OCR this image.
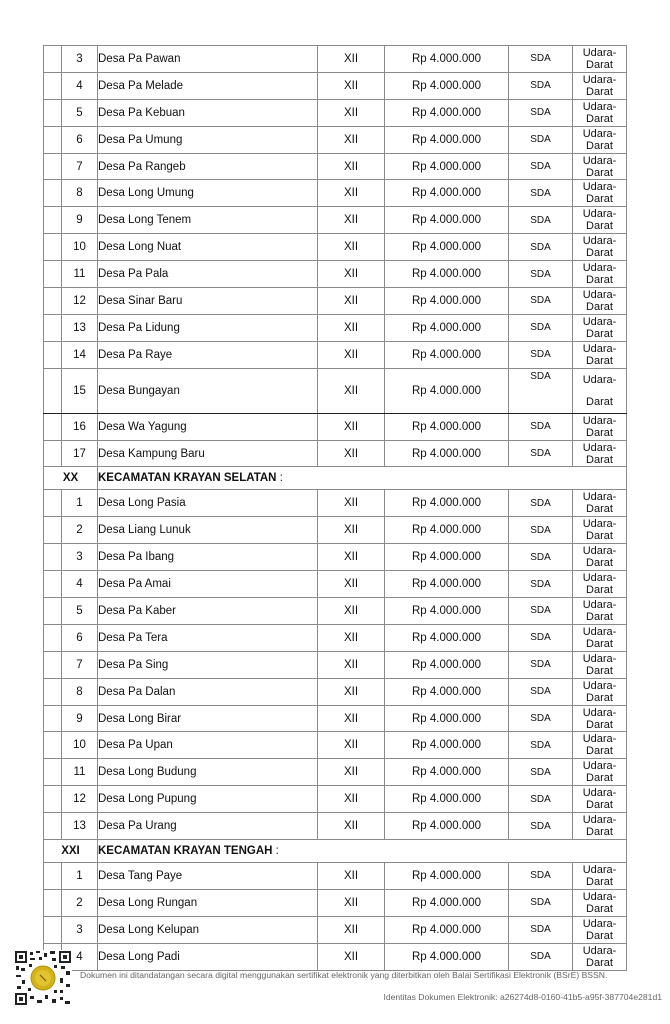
	3	Desa Pa Pawan	XII	Rp 4.000.000	SDA	Udara-
Darat
	4	Desa Pa Melade	XII	Rp 4.000.000	SDA	Udara-
Darat
	5	Desa Pa Kebuan	XII	Rp 4.000.000	SDA	Udara-
Darat
	6	Desa Pa Umung	XII	Rp 4.000.000	SDA	Udara-
Darat
	7	Desa Pa Rangeb	XII	Rp 4.000.000	SDA	Udara-
Darat
	8	Desa Long Umung	XII	Rp 4.000.000	SDA	Udara-
Darat
	9	Desa Long Tenem	XII	Rp 4.000.000	SDA	Udara-
Darat
	10	Desa Long Nuat	XII	Rp 4.000.000	SDA	Udara-
Darat
	11	Desa Pa Pala	XII	Rp 4.000.000	SDA	Udara-
Darat
	12	Desa Sinar Baru	XII	Rp 4.000.000	SDA	Udara-
Darat
	13	Desa Pa Lidung	XII	Rp 4.000.000	SDA	Udara-
Darat
	14	Desa Pa Raye	XII	Rp 4.000.000	SDA	Udara-
Darat
	15	Desa Bungayan	XII	Rp 4.000.000	SDA	Udara-
Darat
	16	Desa Wa Yagung	XII	Rp 4.000.000	SDA	Udara-
Darat
	17	Desa Kampung Baru	XII	Rp 4.000.000	SDA	Udara-
Darat
XX		KECAMATAN KRAYAN SELATAN :				
	1	Desa Long Pasia	XII	Rp 4.000.000	SDA	Udara-
Darat
	2	Desa Liang Lunuk	XII	Rp 4.000.000	SDA	Udara-
Darat
	3	Desa Pa Ibang	XII	Rp 4.000.000	SDA	Udara-
Darat
	4	Desa Pa Amai	XII	Rp 4.000.000	SDA	Udara-
Darat
	5	Desa Pa Kaber	XII	Rp 4.000.000	SDA	Udara-
Darat
	6	Desa Pa Tera	XII	Rp 4.000.000	SDA	Udara-
Darat
	7	Desa Pa Sing	XII	Rp 4.000.000	SDA	Udara-
Darat
	8	Desa Pa Dalan	XII	Rp 4.000.000	SDA	Udara-
Darat
	9	Desa Long Birar	XII	Rp 4.000.000	SDA	Udara-
Darat
	10	Desa Pa Upan	XII	Rp 4.000.000	SDA	Udara-
Darat
	11	Desa Long Budung	XII	Rp 4.000.000	SDA	Udara-
Darat
	12	Desa Long Pupung	XII	Rp 4.000.000	SDA	Udara-
Darat
	13	Desa Pa Urang	XII	Rp 4.000.000	SDA	Udara-
Darat
XXI		KECAMATAN KRAYAN TENGAH :				
	1	Desa Tang Paye	XII	Rp 4.000.000	SDA	Udara-
Darat
	2	Desa Long Rungan	XII	Rp 4.000.000	SDA	Udara-
Darat
	3	Desa Long Kelupan	XII	Rp 4.000.000	SDA	Udara-
Darat
	4	Desa Long Padi	XII	Rp 4.000.000	SDA	Udara-
Darat
Dokumen ini ditandatangan secara digital menggunakan sertifikat elektronik yang diterbitkan oleh Balai Sertifikasi Elektronik (BSrE) BSSN.
Identitas Dokumen Elektronik: a26274d8-0160-41b5-a95f-387704e281d1
